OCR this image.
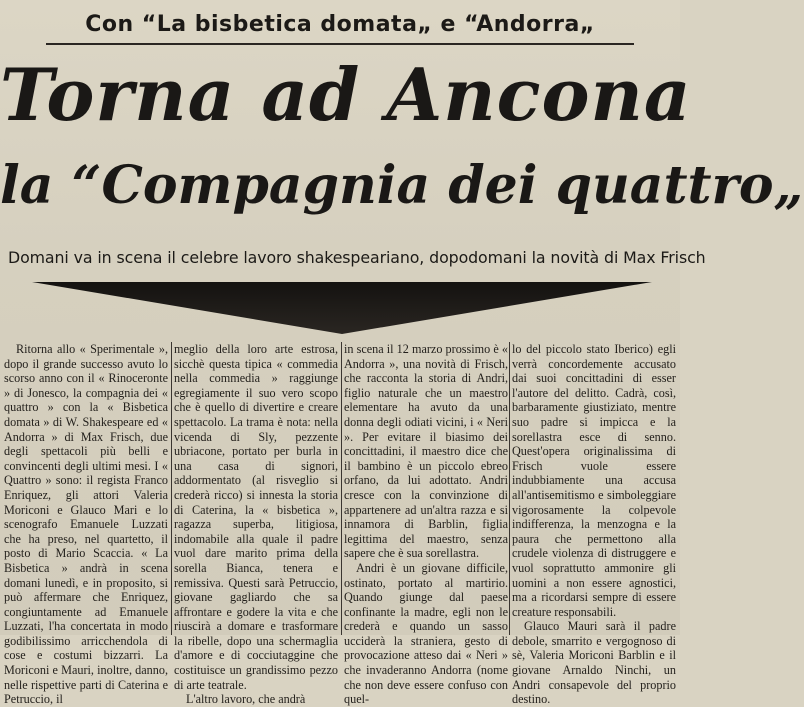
Con “La bisbetica domata„ e “Andorra„
Torna ad Ancona
la “Compagnia dei quattro„
Domani va in scena il celebre lavoro shakespeariano, dopodomani la novità di Max Frisch

Ritorna allo « Sperimentale », dopo il grande successo avuto lo scorso anno con il « Rinoceronte » di Jonesco, la compagnia dei « quattro » con la « Bisbetica domata » di W. Shakespeare ed « Andorra » di Max Frisch, due degli spettacoli più belli e convincenti degli ultimi mesi. I « Quattro » sono: il regista Franco Enriquez, gli attori Valeria Moriconi e Glauco Mari e lo scenografo Emanuele Luzzati che ha preso, nel quartetto, il posto di Mario Scaccia. « La Bisbetica » andrà in scena domani lunedì, e in proposito, si può affermare che Enriquez, congiuntamente ad Emanuele Luzzati, l'ha concertata in modo godibilissimo arricchendola di cose e costumi bizzarri. La Moriconi e Mauri, inoltre, danno, nelle rispettive parti di Caterina e Petruccio, il

meglio della loro arte estrosa, sicchè questa tipica « commedia nella commedia » raggiunge egregiamente il suo vero scopo che è quello di divertire e creare spettacolo. La trama è nota: nella vicenda di Sly, pezzente ubriacone, portato per burla in una casa di signori, addormentato (al risveglio si crederà ricco) si innesta la storia di Caterina, la « bisbetica », ragazza superba, litigiosa, indomabile alla quale il padre vuol dare marito prima della sorella Bianca, tenera e remissiva. Questi sarà Petruccio, giovane gagliardo che sa affrontare e godere la vita e che riuscirà a domare e trasformare la ribelle, dopo una schermaglia d'amore e di cocciutaggine che costituisce un grandissimo pezzo di arte teatrale.

L'altro lavoro, che andrà

in scena il 12 marzo prossimo è « Andorra », una novità di Frisch, che racconta la storia di Andri, figlio naturale che un maestro elementare ha avuto da una donna degli odiati vicini, i « Neri ». Per evitare il biasimo dei concittadini, il maestro dice che il bambino è un piccolo ebreo orfano, da lui adottato. Andri cresce con la convinzione di appartenere ad un'altra razza e si innamora di Barblin, figlia legittima del maestro, senza sapere che è sua sorellastra.

Andri è un giovane difficile, ostinato, portato al martirio. Quando giunge dal paese confinante la madre, egli non le crederà e quando un sasso ucciderà la straniera, gesto di provocazione atteso dai « Neri » che invaderanno Andorra (nome che non deve essere confuso con quel-

lo del piccolo stato Iberico) egli verrà concordemente accusato dai suoi concittadini di esser l'autore del delitto. Cadrà, così, barbaramente giustiziato, mentre suo padre si impicca e la sorellastra esce di senno. Quest'opera originalissima di Frisch vuole essere indubbiamente una accusa all'antisemitismo e simboleggiare vigorosamente la colpevole indifferenza, la menzogna e la paura che permettono alla crudele violenza di distruggere e vuol soprattutto ammonire gli uomini a non essere agnostici, ma a ricordarsi sempre di essere creature responsabili.

Glauco Mauri sarà il padre debole, smarrito e vergognoso di sè, Valeria Moriconi Barblin e il giovane Arnaldo Ninchi, un Andri consapevole del proprio destino.
